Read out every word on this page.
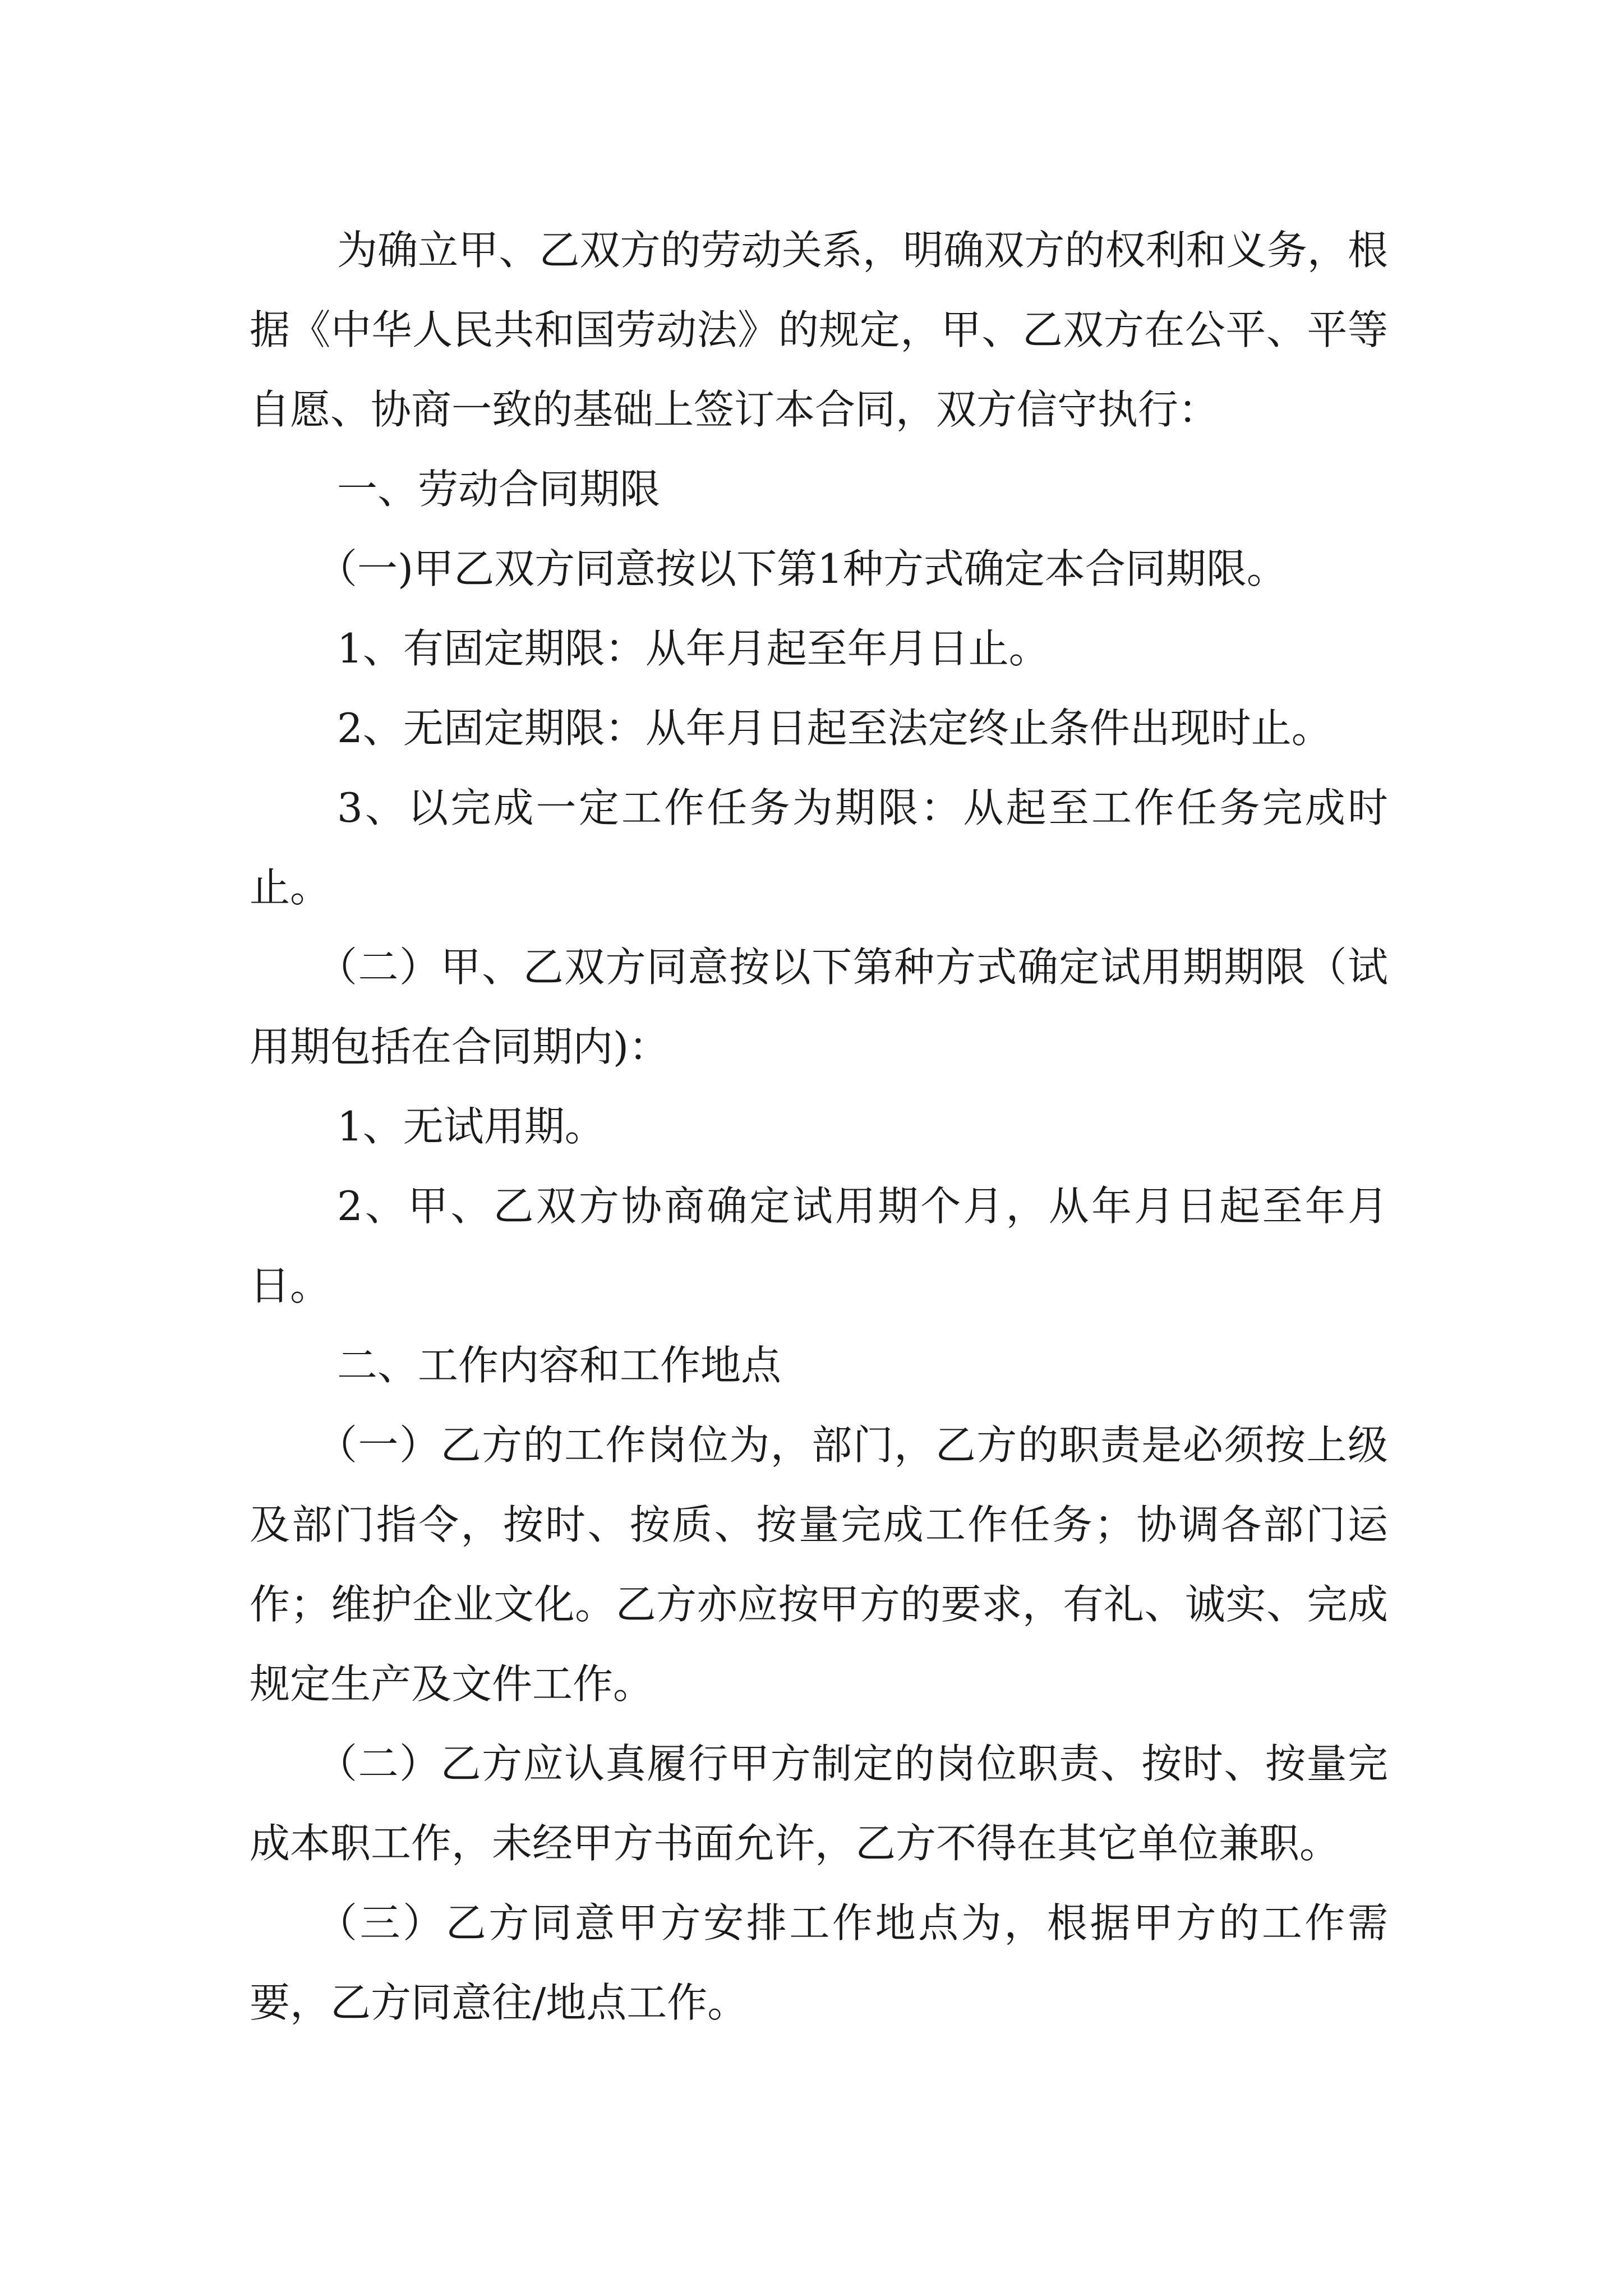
为确立甲、乙双方的劳动关系，明确双方的权利和义务，根据《中华人民共和国劳动法》的规定，甲、乙双方在公平、平等自愿、协商一致的基础上签订本合同，双方信守执行：

一、劳动合同期限

（一)甲乙双方同意按以下第1种方式确定本合同期限。

1、有固定期限：从年月起至年月日止。

2、无固定期限：从年月日起至法定终止条件出现时止。

3、以完成一定工作任务为期限：从起至工作任务完成时止。

（二）甲、乙双方同意按以下第种方式确定试用期期限（试用期包括在合同期内)：

1、无试用期。

2、甲、乙双方协商确定试用期个月，从年月日起至年月日。

二、工作内容和工作地点

（一）乙方的工作岗位为，部门，乙方的职责是必须按上级及部门指令，按时、按质、按量完成工作任务；协调各部门运作；维护企业文化。乙方亦应按甲方的要求，有礼、诚实、完成规定生产及文件工作。

（二）乙方应认真履行甲方制定的岗位职责、按时、按量完成本职工作，未经甲方书面允许，乙方不得在其它单位兼职。

（三）乙方同意甲方安排工作地点为，根据甲方的工作需要，乙方同意往/地点工作。
